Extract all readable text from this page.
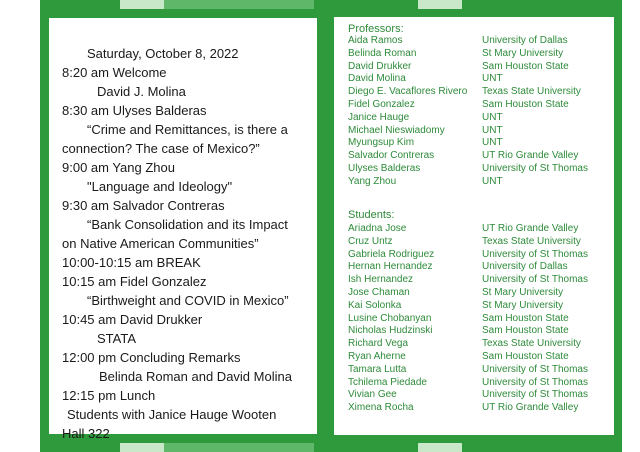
Saturday, October 8, 2022
8:20 am Welcome
David J. Molina
8:30 am Ulyses Balderas
“Crime and Remittances, is there a
connection? The case of Mexico?”
9:00 am Yang Zhou
"Language and Ideology"
9:30 am Salvador Contreras
“Bank Consolidation and its Impact
on Native American Communities”
10:00-10:15 am BREAK
10:15 am Fidel Gonzalez
“Birthweight and COVID in Mexico”
10:45 am David Drukker
STATA
12:00 pm Concluding Remarks
Belinda Roman and David Molina
12:15 pm Lunch
Students with Janice Hauge Wooten
Hall 322
Professors:
Aida Ramos	University of Dallas
Belinda Roman	St Mary University
David Drukker	Sam Houston State
David Molina	UNT
Diego E. Vacaflores Rivero Texas State University
Fidel Gonzalez	Sam Houston State
Janice Hauge	UNT
Michael Nieswiadomy	UNT
Myungsup Kim	UNT
Salvador Contreras	UT Rio Grande Valley
Ulyses Balderas	University of St Thomas
Yang Zhou	UNT
Students:
Ariadna Jose	UT Rio Grande Valley
Cruz Untz	Texas State University
Gabriela Rodriguez	University of St Thomas
Hernan Hernandez	University of Dallas
Ish Hernandez	University of St Thomas
Jose Chaman	St Mary University
Kai Solonka	St Mary University
Lusine Chobanyan	Sam Houston State
Nicholas Hudzinski	Sam Houston State
Richard Vega	Texas State University
Ryan Aherne	Sam Houston State
Tamara Lutta	University of St Thomas
Tchilema Piedade	University of St Thomas
Vivian Gee	University of St Thomas
Ximena Rocha	UT Rio Grande Valley
